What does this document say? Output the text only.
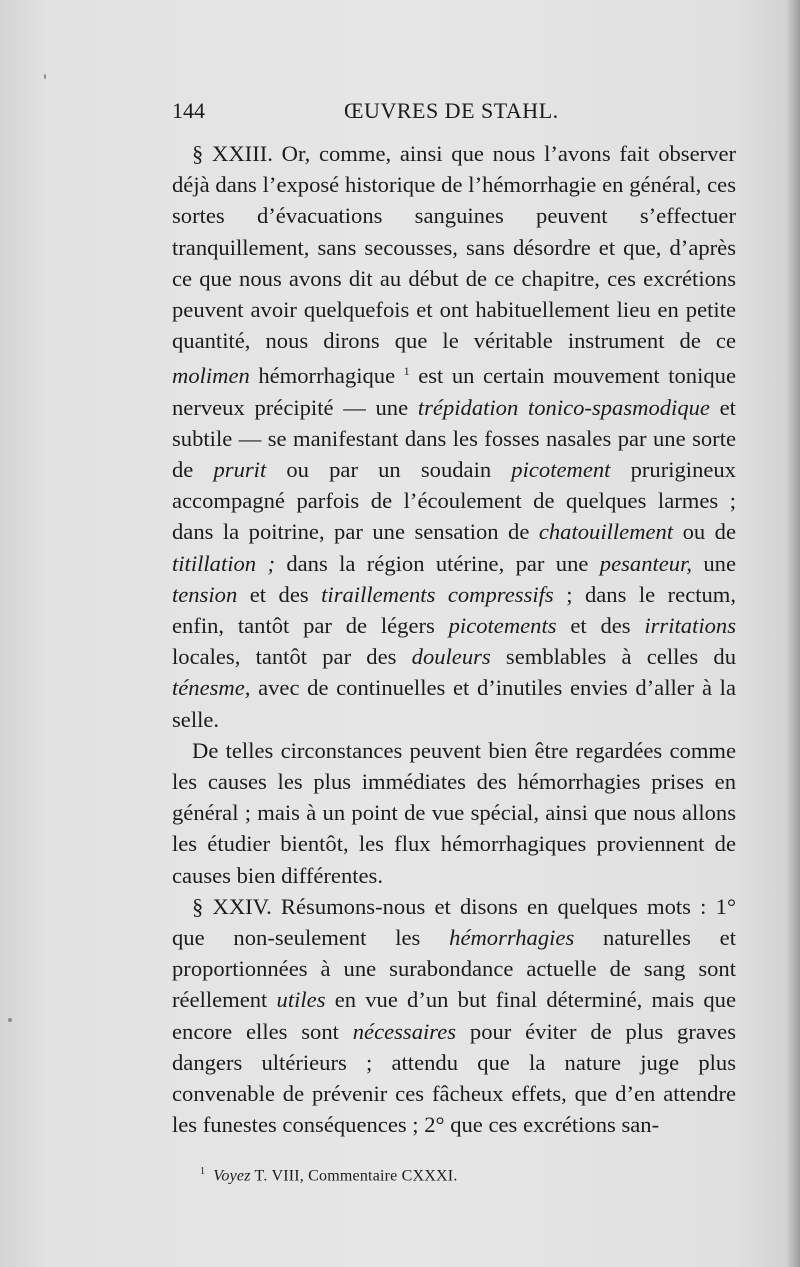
144	ŒUVRES DE STAHL.

§ XXIII. Or, comme, ainsi que nous l’avons fait observer déjà dans l’exposé historique de l’hémorrhagie en général, ces sortes d’évacuations sanguines peuvent s’effectuer tranquillement, sans secousses, sans désordre et que, d’après ce que nous avons dit au début de ce chapitre, ces excrétions peuvent avoir quelquefois et ont habituellement lieu en petite quantité, nous dirons que le véritable instrument de ce molimen hémorrhagique $^1$ est un certain mouvement tonique nerveux précipité — une trépidation tonico-spasmodique et subtile — se manifestant dans les fosses nasales par une sorte de prurit ou par un soudain picotement prurigineux accompagné parfois de l’écoulement de quelques larmes ; dans la poitrine, par une sensation de chatouillement ou de titillation ; dans la région utérine, par une pesanteur, une tension et des tiraillements compressifs ; dans le rectum, enfin, tantôt par de légers picotements et des irritations locales, tantôt par des douleurs semblables à celles du ténesme, avec de continuelles et d’inutiles envies d’aller à la selle.

De telles circonstances peuvent bien être regardées comme les causes les plus immédiates des hémorrhagies prises en général ; mais à un point de vue spécial, ainsi que nous allons les étudier bientôt, les flux hémorrhagiques proviennent de causes bien différentes.

§ XXIV. Résumons-nous et disons en quelques mots : 1° que non-seulement les hémorrhagies naturelles et proportionnées à une surabondance actuelle de sang sont réellement utiles en vue d’un but final déterminé, mais que encore elles sont nécessaires pour éviter de plus graves dangers ultérieurs ; attendu que la nature juge plus convenable de prévenir ces fâcheux effets, que d’en attendre les funestes conséquences ; 2° que ces excrétions san-

$^1$ Voyez T. VIII, Commentaire CXXXI.
